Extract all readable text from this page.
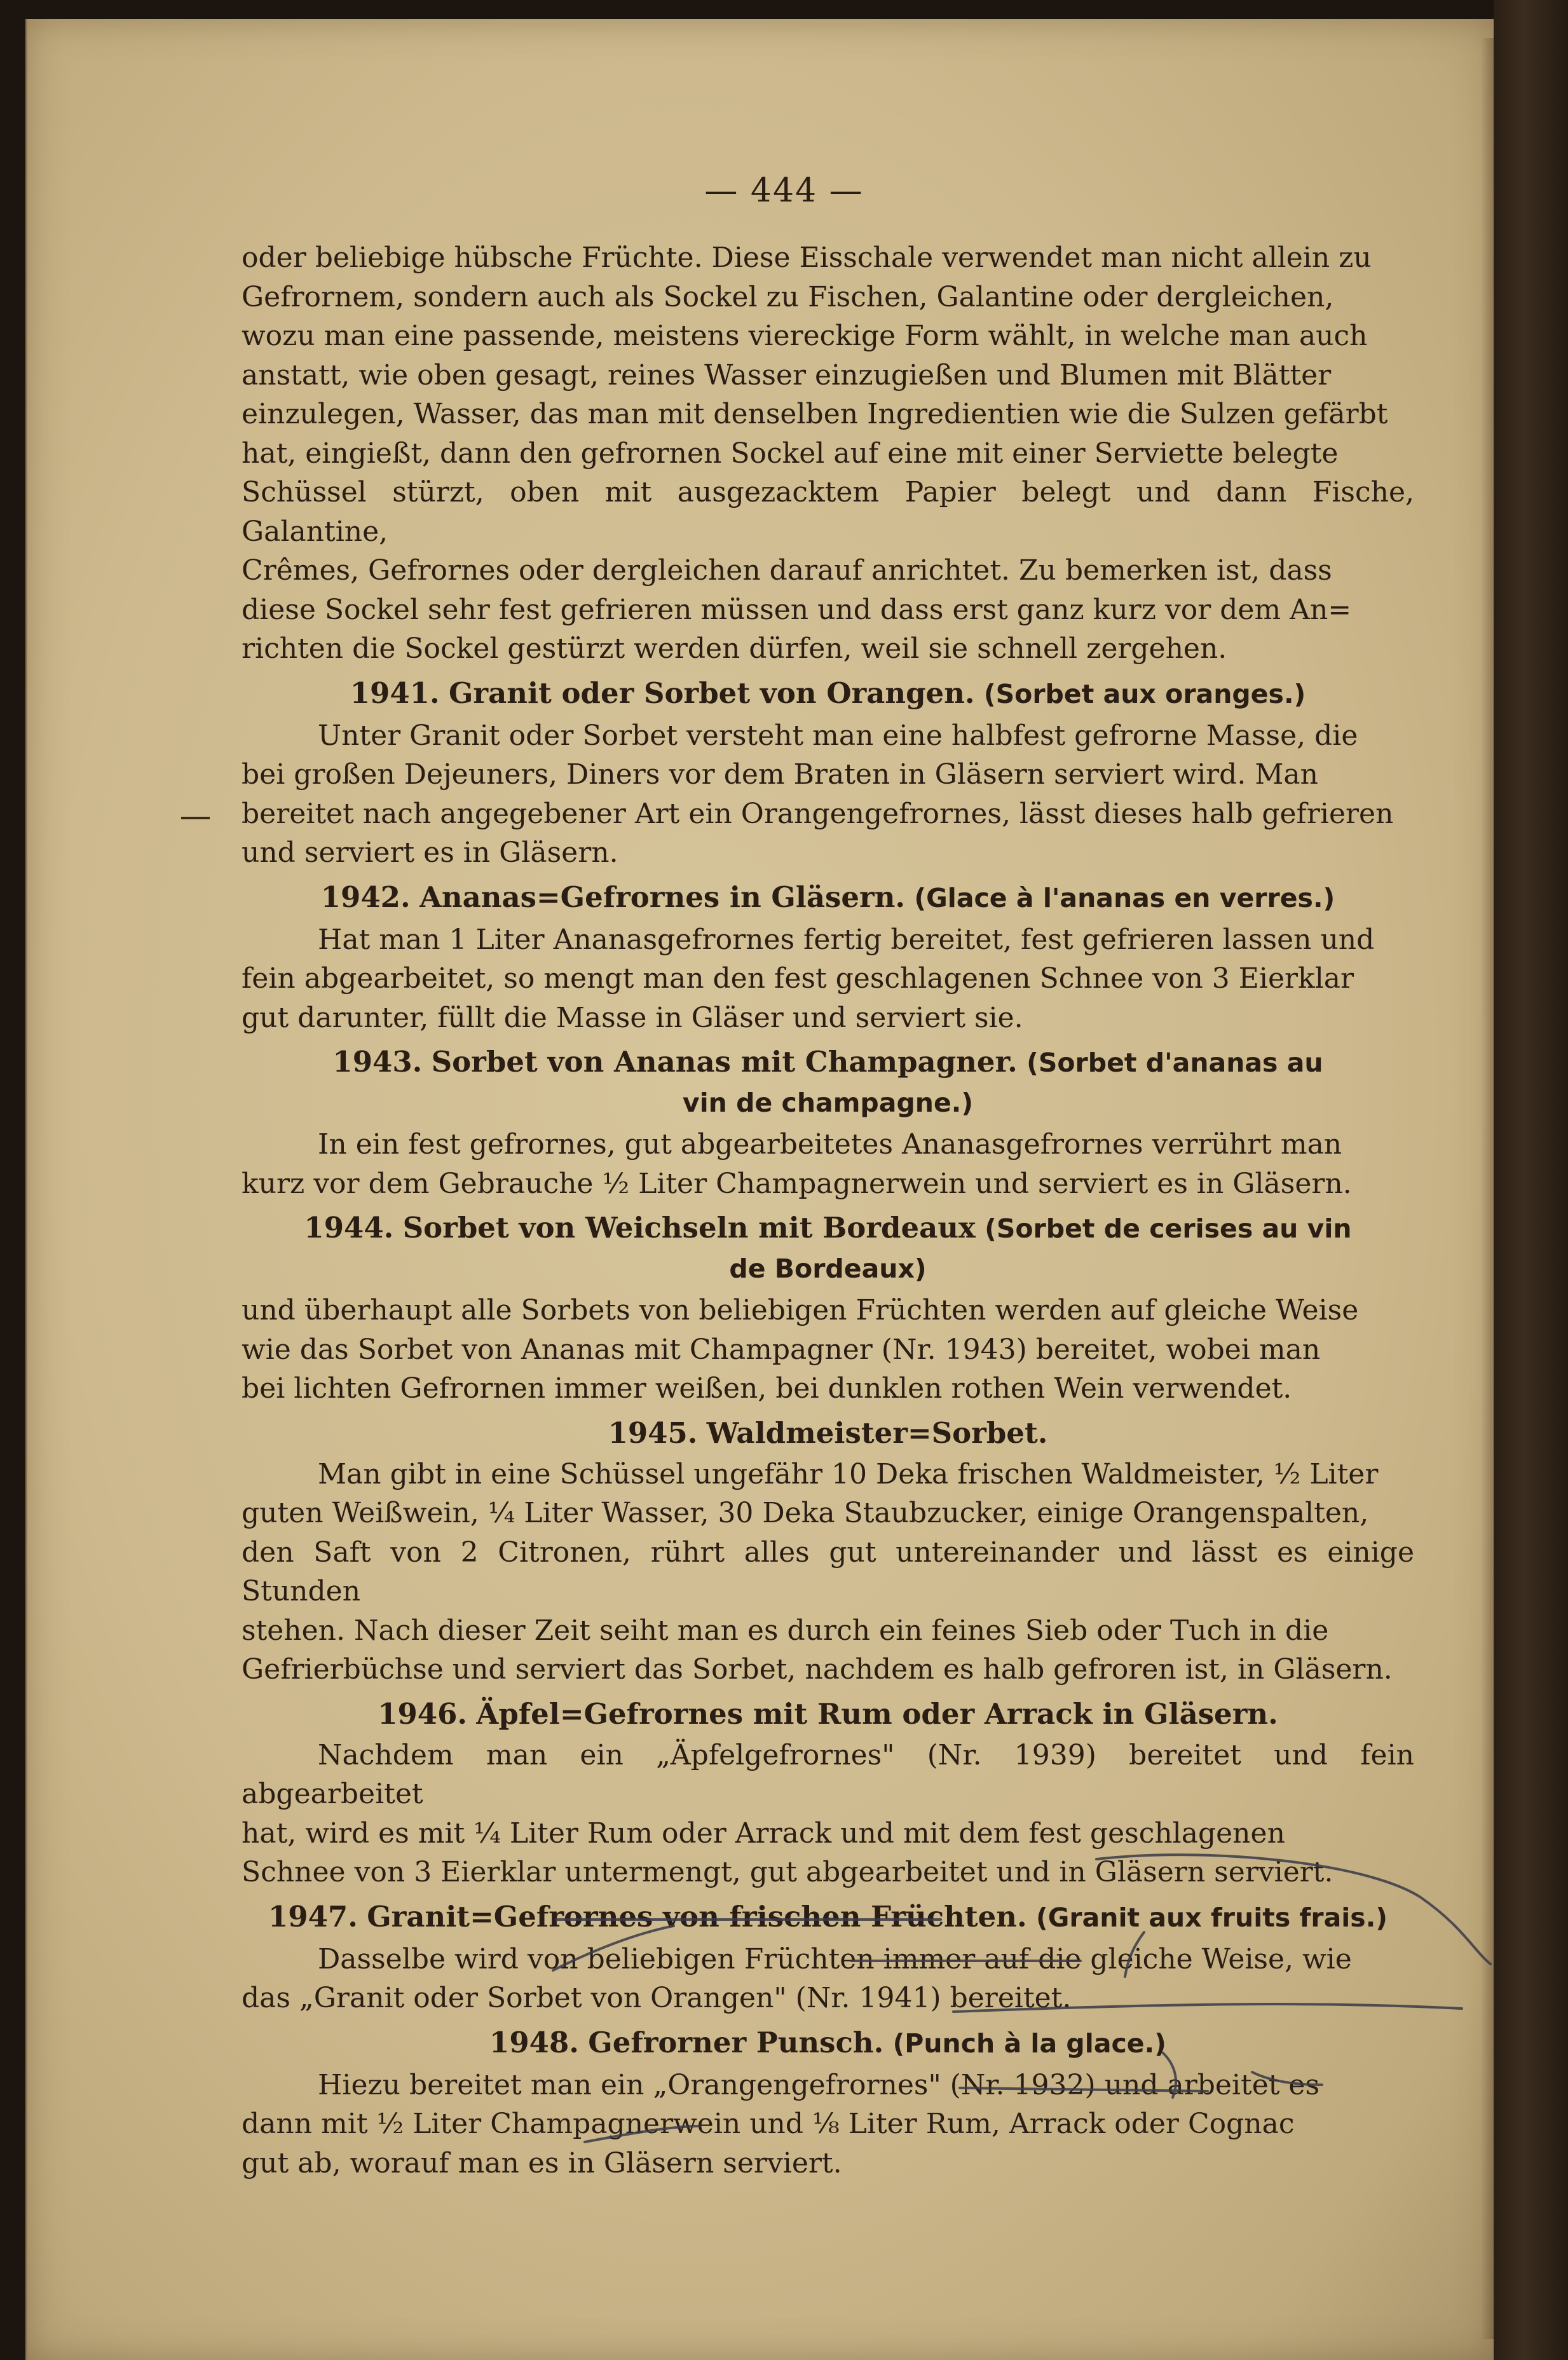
— 444 —

oder beliebige hübsche Früchte. Diese Eisschale verwendet man nicht allein zu

Gefrornem, sondern auch als Sockel zu Fischen, Galantine oder dergleichen,

wozu man eine passende, meistens viereckige Form wählt, in welche man auch

anstatt, wie oben gesagt, reines Wasser einzugießen und Blumen mit Blätter

einzulegen, Wasser, das man mit denselben Ingredientien wie die Sulzen gefärbt

hat, eingießt, dann den gefrornen Sockel auf eine mit einer Serviette belegte

Schüssel stürzt, oben mit ausgezacktem Papier belegt und dann Fische, Galantine,

Crêmes, Gefrornes oder dergleichen darauf anrichtet. Zu bemerken ist, dass

diese Sockel sehr fest gefrieren müssen und dass erst ganz kurz vor dem An=

richten die Sockel gestürzt werden dürfen, weil sie schnell zergehen.

1941. Granit oder Sorbet von Orangen. (Sorbet aux oranges.)

Unter Granit oder Sorbet versteht man eine halbfest gefrorne Masse, die

bei großen Dejeuners, Diners vor dem Braten in Gläsern serviert wird. Man

bereitet nach angegebener Art ein Orangengefrornes, lässt dieses halb gefrieren

und serviert es in Gläsern.

1942. Ananas=Gefrornes in Gläsern. (Glace à l'ananas en verres.)

Hat man 1 Liter Ananasgefrornes fertig bereitet, fest gefrieren lassen und

fein abgearbeitet, so mengt man den fest geschlagenen Schnee von 3 Eierklar

gut darunter, füllt die Masse in Gläser und serviert sie.

1943. Sorbet von Ananas mit Champagner. (Sorbet d'ananas au
vin de champagne.)

In ein fest gefrornes, gut abgearbeitetes Ananasgefrornes verrührt man

kurz vor dem Gebrauche ½ Liter Champagnerwein und serviert es in Gläsern.

1944. Sorbet von Weichseln mit Bordeaux (Sorbet de cerises au vin
de Bordeaux)

und überhaupt alle Sorbets von beliebigen Früchten werden auf gleiche Weise

wie das Sorbet von Ananas mit Champagner (Nr. 1943) bereitet, wobei man

bei lichten Gefrornen immer weißen, bei dunklen rothen Wein verwendet.

1945. Waldmeister=Sorbet.

Man gibt in eine Schüssel ungefähr 10 Deka frischen Waldmeister, ½ Liter

guten Weißwein, ¼ Liter Wasser, 30 Deka Staubzucker, einige Orangenspalten,

den Saft von 2 Citronen, rührt alles gut untereinander und lässt es einige Stunden

stehen. Nach dieser Zeit seiht man es durch ein feines Sieb oder Tuch in die

Gefrierbüchse und serviert das Sorbet, nachdem es halb gefroren ist, in Gläsern.

1946. Äpfel=Gefrornes mit Rum oder Arrack in Gläsern.

Nachdem man ein „Äpfelgefrornes" (Nr. 1939) bereitet und fein abgearbeitet

hat, wird es mit ¼ Liter Rum oder Arrack und mit dem fest geschlagenen

Schnee von 3 Eierklar untermengt, gut abgearbeitet und in Gläsern serviert.

1947. Granit=Gefrornes von frischen Früchten. (Granit aux fruits frais.)

Dasselbe wird von beliebigen Früchten immer auf die gleiche Weise, wie

das „Granit oder Sorbet von Orangen" (Nr. 1941) bereitet.

1948. Gefrorner Punsch. (Punch à la glace.)

Hiezu bereitet man ein „Orangengefrornes" (Nr. 1932) und arbeitet es

dann mit ½ Liter Champagnerwein und ⅛ Liter Rum, Arrack oder Cognac

gut ab, worauf man es in Gläsern serviert.
